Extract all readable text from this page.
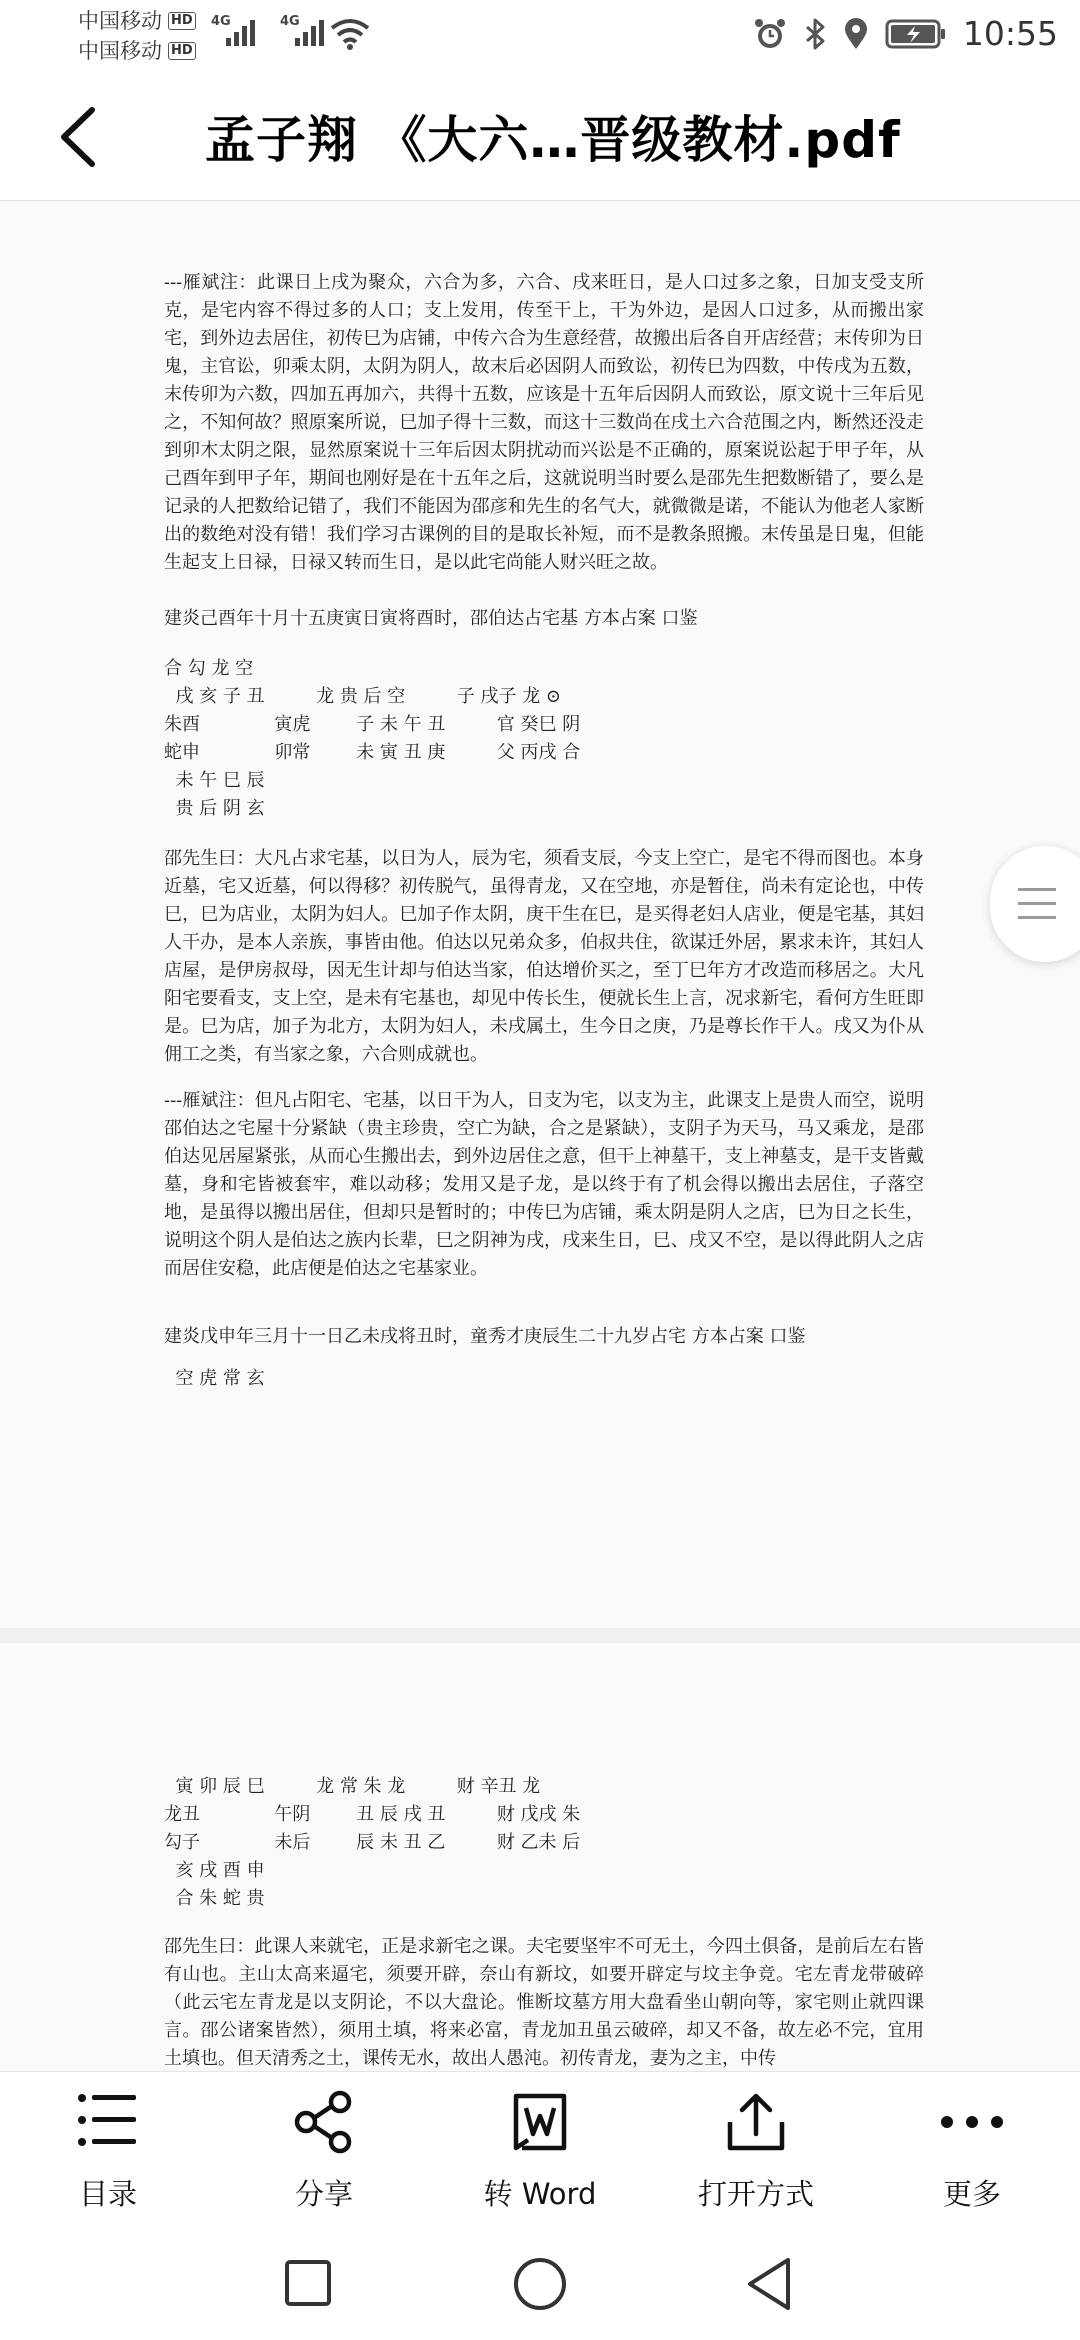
中国移动 HD
中国移动 HD
4G	4G	10:55
孟子翔 《大六…晋级教材.pdf

---雁斌注：此课日上戌为聚众，六合为多，六合、戌来旺日，是人口过多之象，日加支受支所克，是宅内容不得过多的人口；支上发用，传至干上，干为外边，是因人口过多，从而搬出家宅，到外边去居住，初传巳为店铺，中传六合为生意经营，故搬出后各自开店经营；末传卯为日鬼，主官讼，卯乘太阴，太阴为阴人，故末后必因阴人而致讼，初传巳为四数，中传戌为五数，末传卯为六数，四加五再加六，共得十五数，应该是十五年后因阴人而致讼，原文说十三年后见之，不知何故？照原案所说，巳加子得十三数，而这十三数尚在戌土六合范围之内，断然还没走到卯木太阴之限，显然原案说十三年后因太阴扰动而兴讼是不正确的，原案说讼起于甲子年，从己酉年到甲子年，期间也刚好是在十五年之后，这就说明当时要么是邵先生把数断错了，要么是记录的人把数给记错了，我们不能因为邵彦和先生的名气大，就微微是诺，不能认为他老人家断出的数绝对没有错！我们学习古课例的目的是取长补短，而不是教条照搬。末传虽是日鬼，但能生起支上日禄，日禄又转而生日，是以此宅尚能人财兴旺之故。

建炎己酉年十月十五庚寅日寅将酉时，邵伯达占宅基 方本占案 口鉴

合 勾 龙 空

戌 亥 子 丑         龙 贵 后 空         子 戌子 龙 ⊙

朱酉             寅虎        子 未 午 丑         官 癸巳 阴

蛇申             卯常        未 寅 丑 庚         父 丙戌 合

未 午 巳 辰

贵 后 阴 玄

邵先生曰：大凡占求宅基，以日为人，辰为宅，须看支辰，今支上空亡，是宅不得而图也。本身近墓，宅又近墓，何以得移？初传脱气，虽得青龙，又在空地，亦是暂住，尚未有定论也，中传巳，巳为店业，太阴为妇人。巳加子作太阴，庚干生在巳，是买得老妇人店业，便是宅基，其妇人干办，是本人亲族，事皆由他。伯达以兄弟众多，伯叔共住，欲谋迁外居，累求未许，其妇人店屋，是伊房叔母，因无生计却与伯达当家，伯达增价买之，至丁巳年方才改造而移居之。大凡阳宅要看支，支上空，是未有宅基也，却见中传长生，便就长生上言，况求新宅，看何方生旺即是。巳为店，加子为北方，太阴为妇人，未戌属土，生今日之庚，乃是尊长作干人。戌又为仆从佣工之类，有当家之象，六合则成就也。

---雁斌注：但凡占阳宅、宅基，以日干为人，日支为宅，以支为主，此课支上是贵人而空，说明邵伯达之宅屋十分紧缺（贵主珍贵，空亡为缺，合之是紧缺），支阴子为天马，马又乘龙，是邵伯达见居屋紧张，从而心生搬出去，到外边居住之意，但干上神墓干，支上神墓支，是干支皆戴墓，身和宅皆被套牢，难以动移；发用又是子龙，是以终于有了机会得以搬出去居住，子落空地，是虽得以搬出居住，但却只是暂时的；中传巳为店铺，乘太阴是阴人之店，巳为日之长生，说明这个阴人是伯达之族内长辈，巳之阴神为戌，戌来生日，巳、戌又不空，是以得此阴人之店而居住安稳，此店便是伯达之宅基家业。

建炎戊申年三月十一日乙未戌将丑时，童秀才庚辰生二十九岁占宅 方本占案 口鉴

空 虎 常 玄

寅 卯 辰 巳         龙 常 朱 龙         财 辛丑 龙

龙丑             午阴        丑 辰 戌 丑         财 戊戌 朱

勾子             未后        辰 未 丑 乙         财 乙未 后

亥 戌 酉 申

合 朱 蛇 贵

邵先生曰：此课人来就宅，正是求新宅之课。夫宅要坚牢不可无土，今四土俱备，是前后左右皆有山也。主山太高来逼宅，须要开辟，奈山有新坟，如要开辟定与坟主争竞。宅左青龙带破碎（此云宅左青龙是以支阴论，不以大盘论。惟断坟墓方用大盘看坐山朝向等，家宅则止就四课言。邵公诸案皆然），须用土填，将来必富，青龙加丑虽云破碎，却又不备，故左必不完，宜用土填也。但天清秀之土，课传无水，故出人愚沌。初传青龙，妻为之主，中传

目录	分享	转 Word	打开方式	更多
